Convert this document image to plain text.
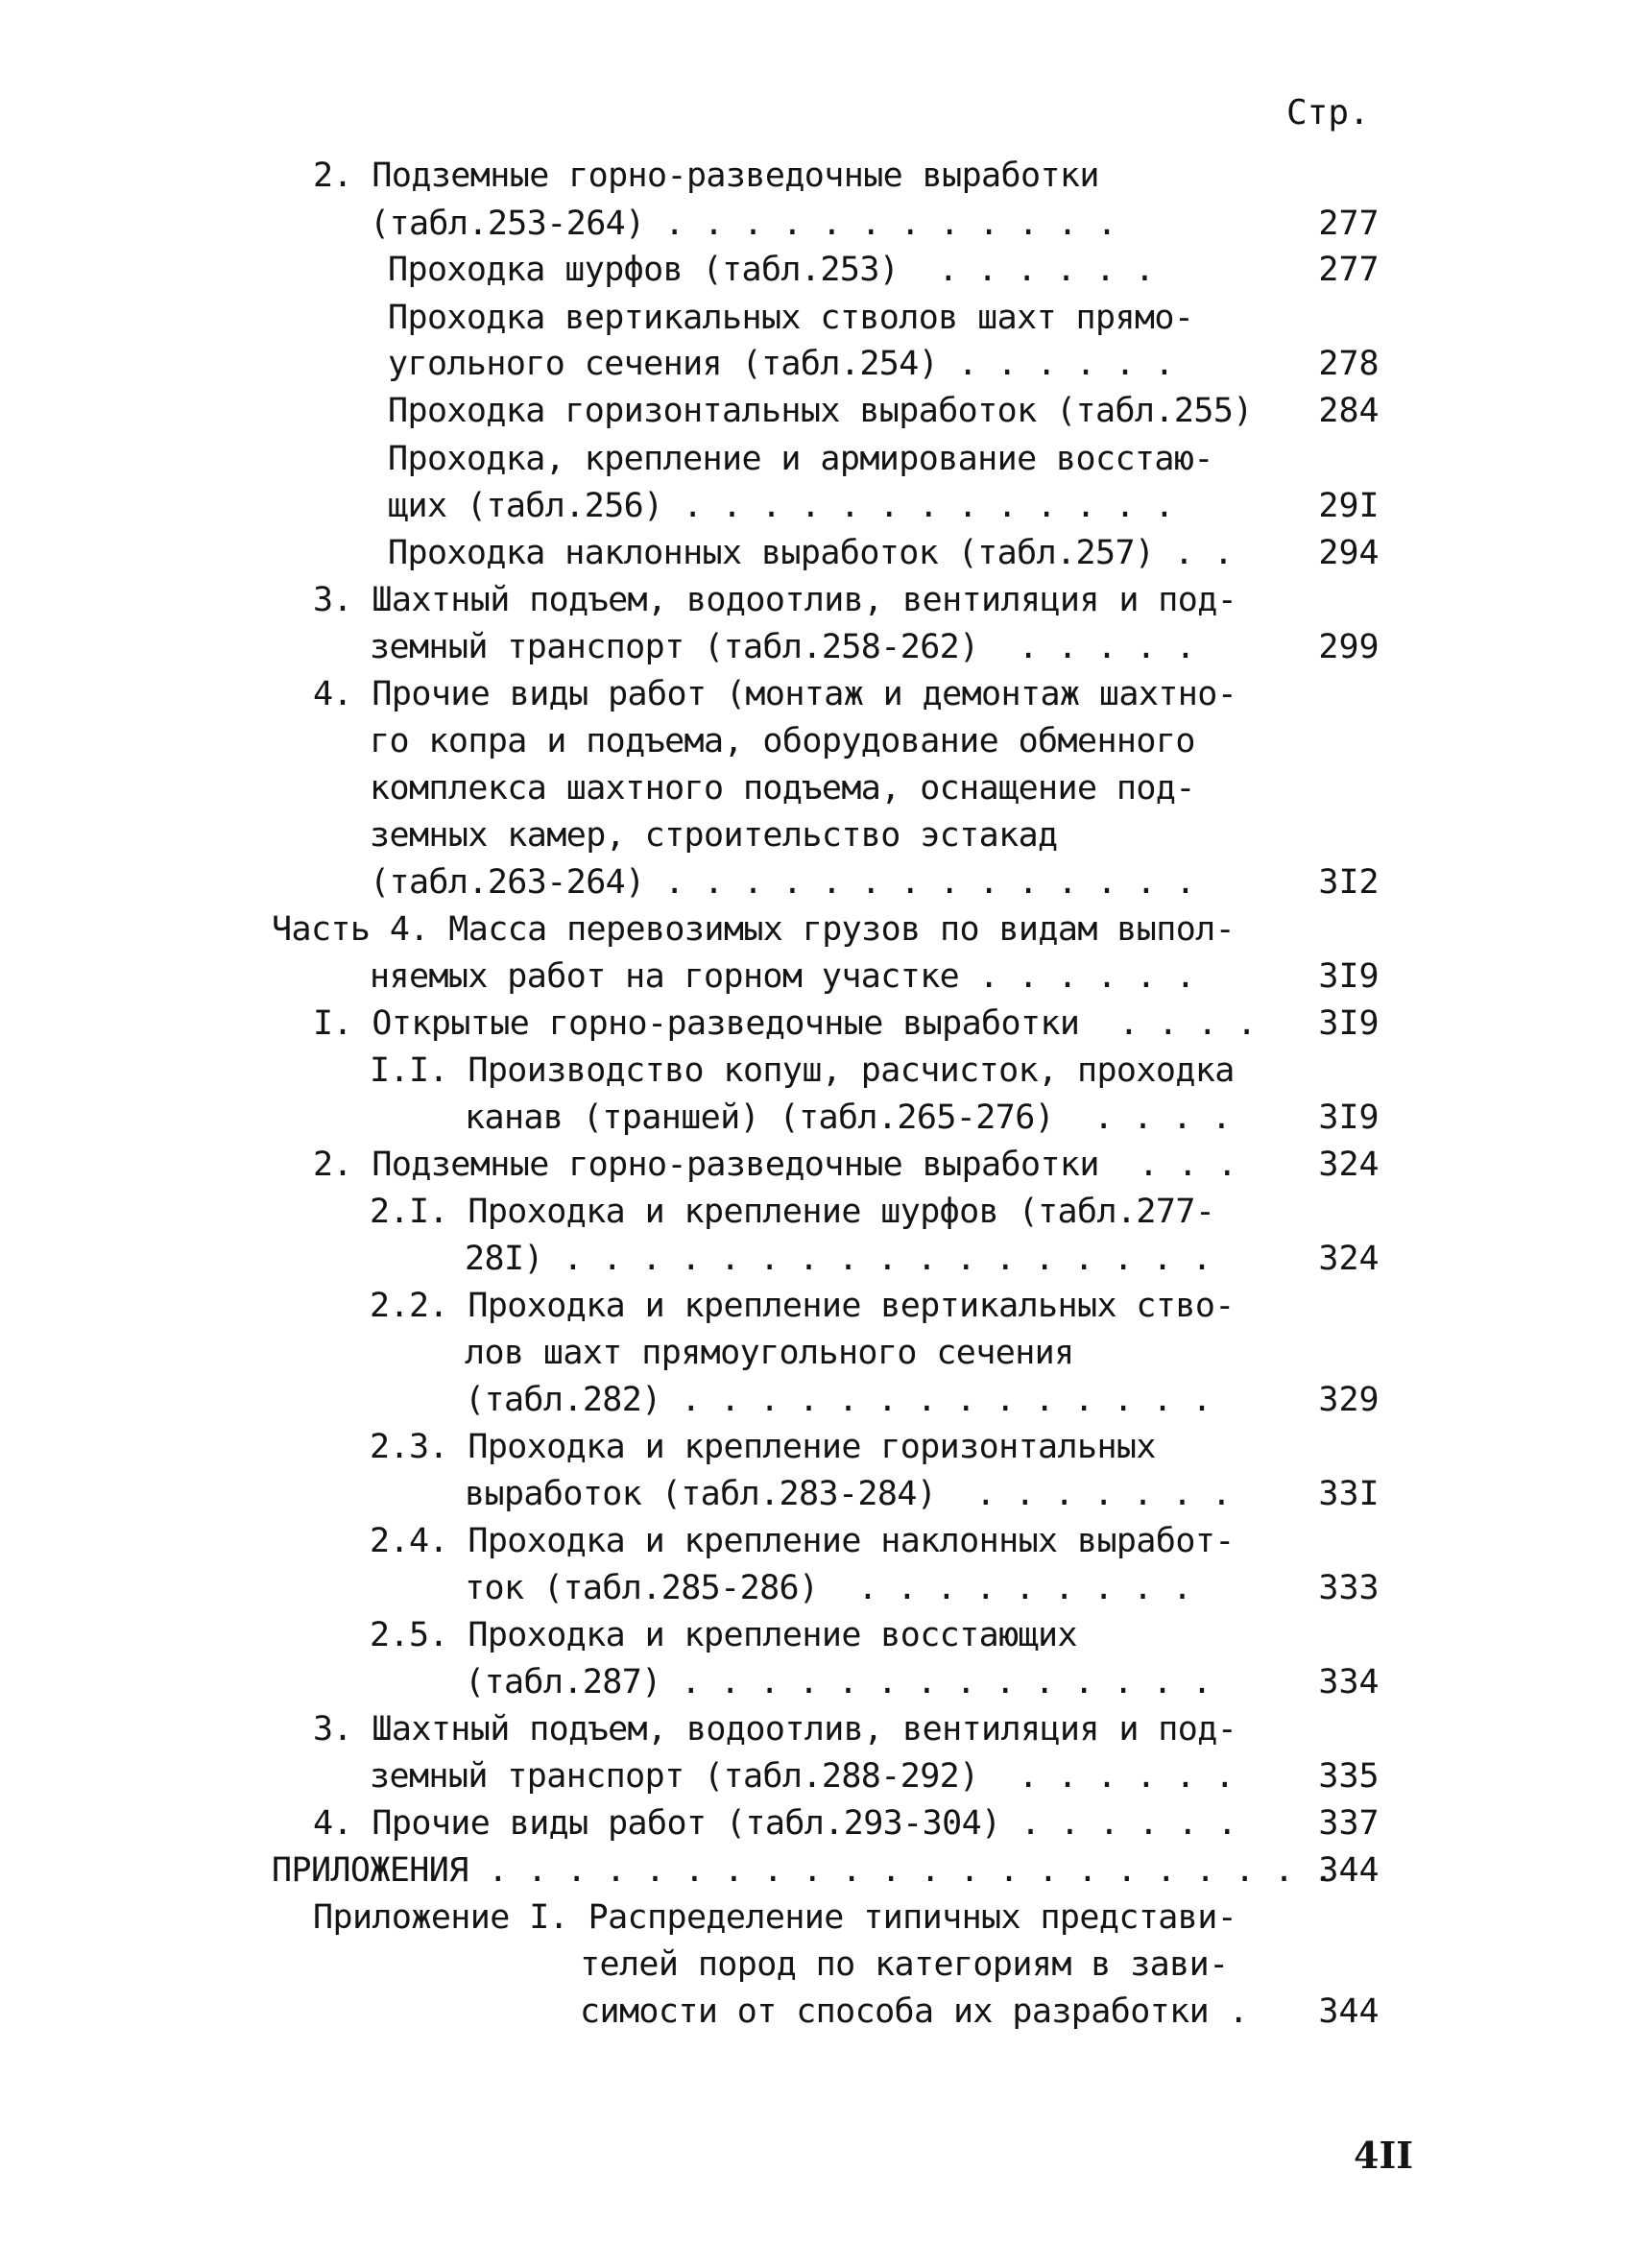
Стр.
2. Подземные горно-разведочные выработки
(табл.253-264) . . . . . . . . . . . .
Проходка шурфов (табл.253)  . . . . . .
Проходка вертикальных стволов шахт прямо-
угольного сечения (табл.254) . . . . . .
Проходка горизонтальных выработок (табл.255)
Проходка, крепление и армирование восстаю-
щих (табл.256) . . . . . . . . . . . . .
Проходка наклонных выработок (табл.257) . .
3. Шахтный подъем, водоотлив, вентиляция и под-
земный транспорт (табл.258-262)  . . . . .
4. Прочие виды работ (монтаж и демонтаж шахтно-
го копра и подъема, оборудование обменного
комплекса шахтного подъема, оснащение под-
земных камер, строительство эстакад
(табл.263-264) . . . . . . . . . . . . . .
Часть 4. Масса перевозимых грузов по видам выпол-
няемых работ на горном участке . . . . . .
I. Открытые горно-разведочные выработки  . . . .
I.I. Производство копуш, расчисток, проходка
канав (траншей) (табл.265-276)  . . . .
2. Подземные горно-разведочные выработки  . . .
2.I. Проходка и крепление шурфов (табл.277-
28I) . . . . . . . . . . . . . . . . .
2.2. Проходка и крепление вертикальных ство-
лов шахт прямоугольного сечения
(табл.282) . . . . . . . . . . . . . .
2.3. Проходка и крепление горизонтальных
выработок (табл.283-284)  . . . . . . .
2.4. Проходка и крепление наклонных выработ-
ток (табл.285-286)  . . . . . . . . .
2.5. Проходка и крепление восстающих
(табл.287) . . . . . . . . . . . . . .
3. Шахтный подъем, водоотлив, вентиляция и под-
земный транспорт (табл.288-292)  . . . . . .
4. Прочие виды работ (табл.293-304) . . . . . .
ПРИЛОЖЕНИЯ . . . . . . . . . . . . . . . . . . . . . .
Приложение I. Распределение типичных представи-
телей пород по категориям в зави-
симости от способа их разработки .
277
277
278
284
29I
294
299
3I2
3I9
3I9
3I9
324
324
329
33I
333
334
335
337
344
344
4II
